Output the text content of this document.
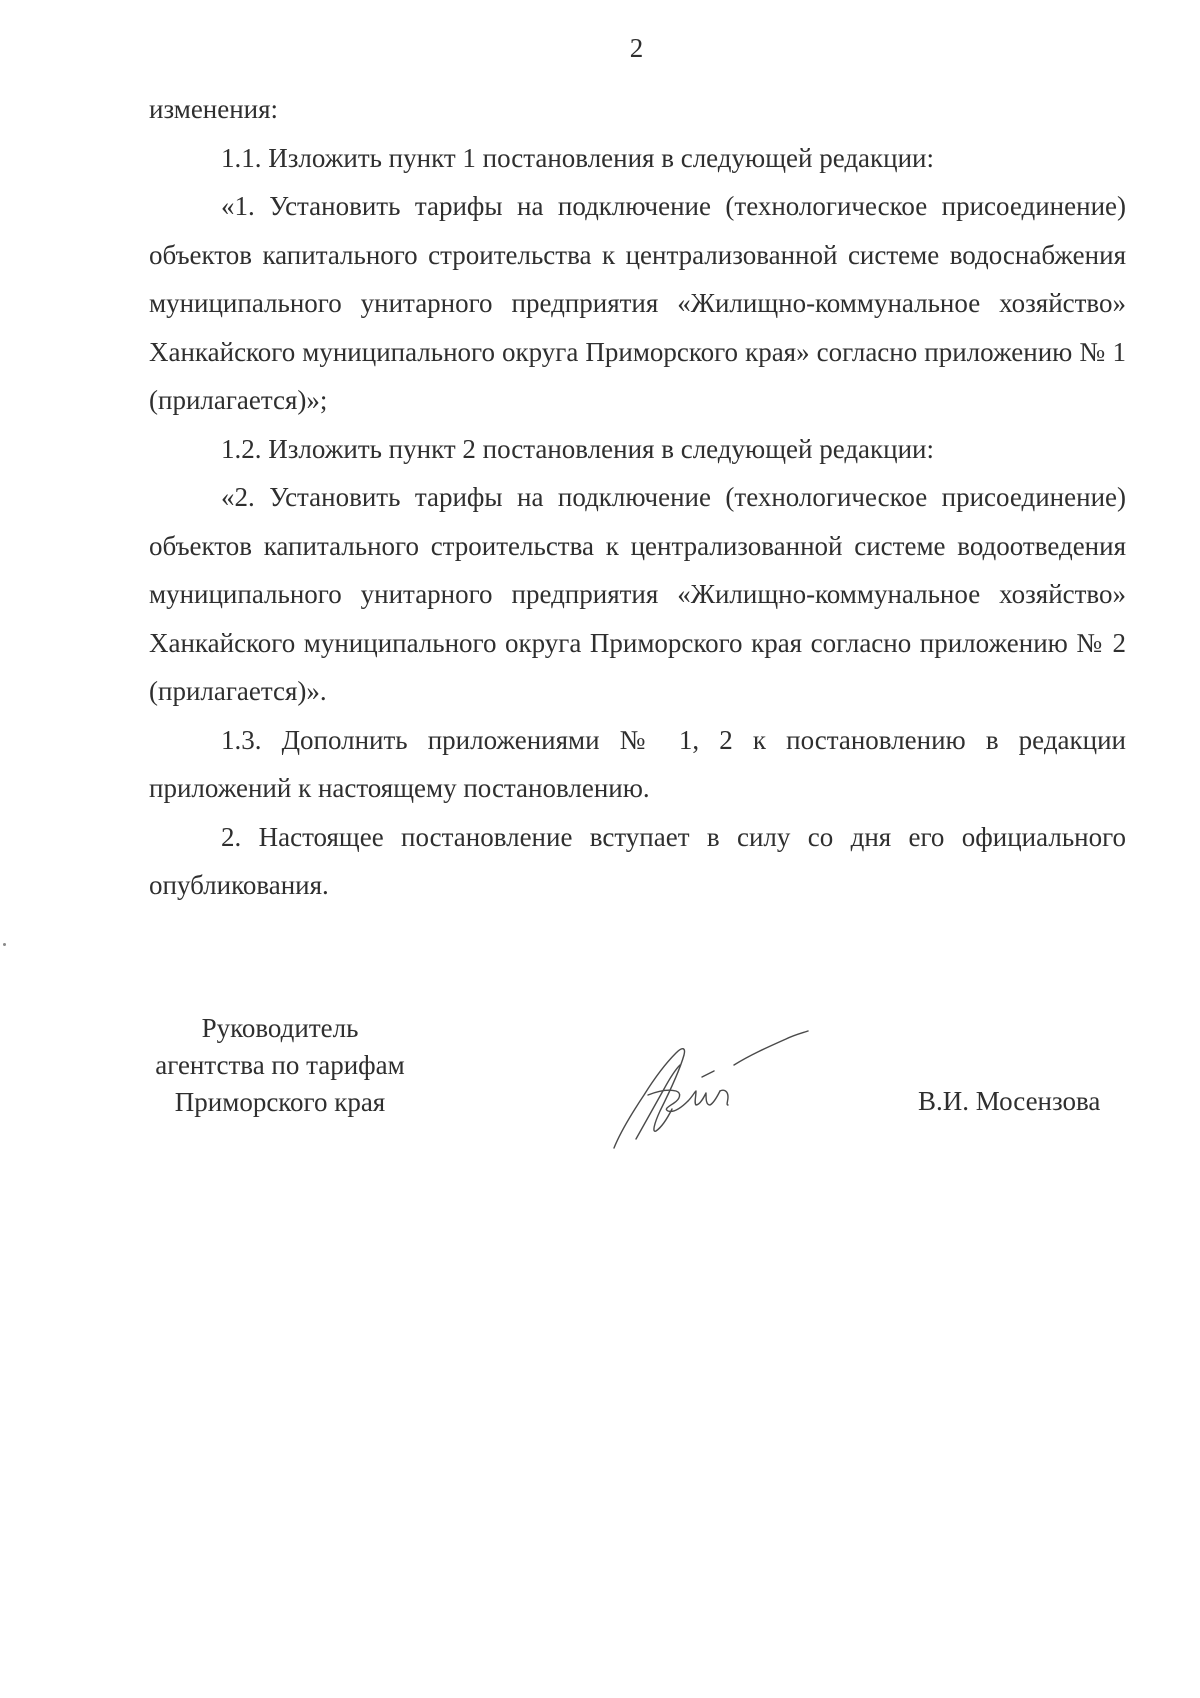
2

изменения:

1.1. Изложить пункт 1 постановления в следующей редакции:

«1. Установить тарифы на подключение (технологическое присоединение) объектов капитального строительства к централизованной системе водоснабжения муниципального унитарного предприятия «Жилищно-коммунальное хозяйство» Ханкайского муниципального округа Приморского края» согласно приложению № 1 (прилагается)»;

1.2. Изложить пункт 2 постановления в следующей редакции:

«2. Установить тарифы на подключение (технологическое присоединение) объектов капитального строительства к централизованной системе водоотведения муниципального унитарного предприятия «Жилищно-коммунальное хозяйство» Ханкайского муниципального округа Приморского края согласно приложению № 2 (прилагается)».

1.3. Дополнить приложениями № 1, 2 к постановлению в редакции приложений к настоящему постановлению.

2. Настоящее постановление вступает в силу со дня его официального опубликования.

Руководитель
агентства по тарифам
Приморского края	В.И. Мосензова
